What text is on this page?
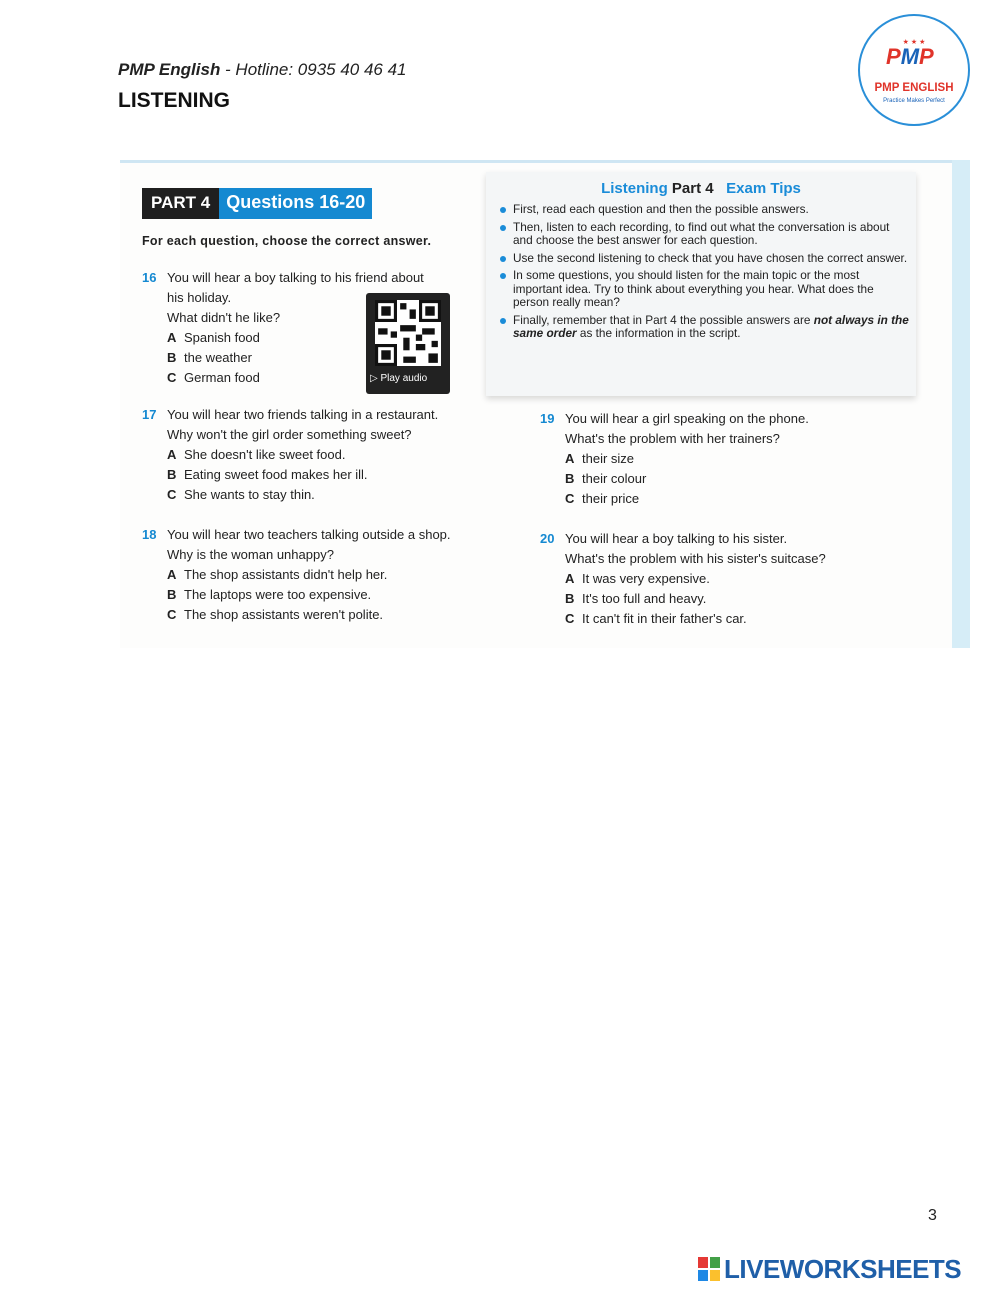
PMP English - Hotline: 0935 40 46 41
LISTENING
★ ★ ★
PMP
PMP ENGLISH
Practice Makes Perfect
PART 4 Questions 16-20
For each question, choose the correct answer.
16 You will hear a boy talking to his friend about
his holiday.
What didn't he like?
A Spanish food
B the weather
C German food	▷ Play audio
17 You will hear two friends talking in a restaurant.
Why won't the girl order something sweet?
A She doesn't like sweet food.
B Eating sweet food makes her ill.
C She wants to stay thin.
18 You will hear two teachers talking outside a shop.
Why is the woman unhappy?
A The shop assistants didn't help her.
B The laptops were too expensive.
C The shop assistants weren't polite.
Listening Part 4 Exam Tips
First, read each question and then the possible answers.
Then, listen to each recording, to find out what the conversation is about and choose the best answer for each question.
Use the second listening to check that you have chosen the correct answer.
In some questions, you should listen for the main topic or the most important idea. Try to think about everything you hear. What does the person really mean?
Finally, remember that in Part 4 the possible answers are not always in the same order as the information in the script.
19 You will hear a girl speaking on the phone.
What's the problem with her trainers?
A their size
B their colour
C their price
20 You will hear a boy talking to his sister.
What's the problem with his sister's suitcase?
A It was very expensive.
B It's too full and heavy.
C It can't fit in their father's car.
3
LIVEWORKSHEETS
